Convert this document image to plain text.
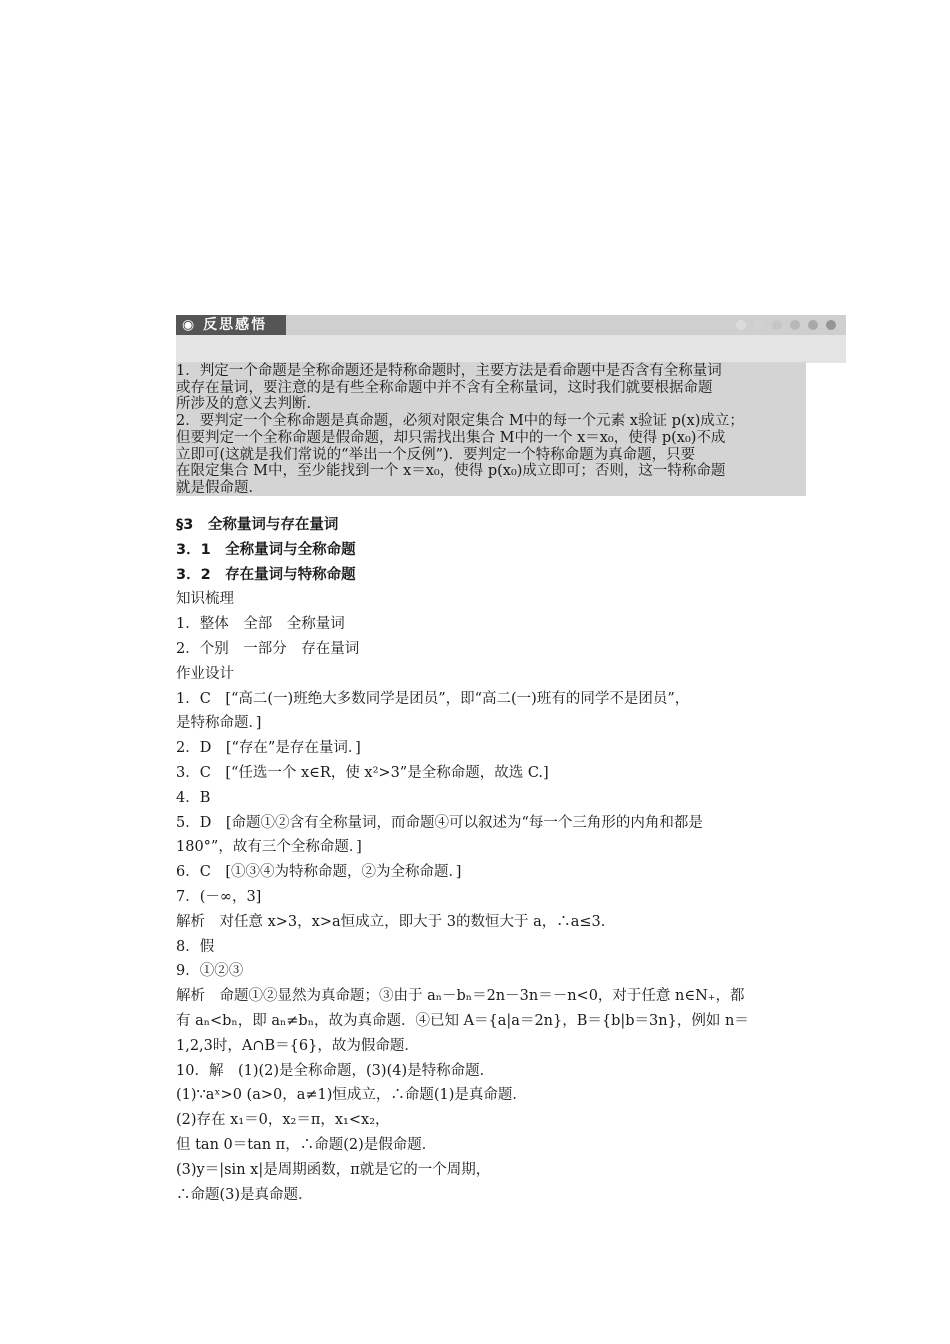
◉ 反思感悟

1．判定一个命题是全称命题还是特称命题时，主要方法是看命题中是否含有全称量词

或存在量词，要注意的是有些全称命题中并不含有全称量词，这时我们就要根据命题

所涉及的意义去判断．

2．要判定一个全称命题是真命题，必须对限定集合 M中的每一个元素 x验证 p(x)成立；

但要判定一个全称命题是假命题，却只需找出集合 M中的一个 x＝x₀，使得 p(x₀)不成

立即可(这就是我们常说的“举出一个反例”)．要判定一个特称命题为真命题，只要

在限定集合 M中，至少能找到一个 x＝x₀，使得 p(x₀)成立即可；否则，这一特称命题

就是假命题．

§3　全称量词与存在量词

3．1　全称量词与全称命题

3．2　存在量词与特称命题

知识梳理

1．整体　全部　全称量词

2．个别　一部分　存在量词

作业设计

1．C　[“高二(一)班绝大多数同学是团员”，即“高二(一)班有的同学不是团员”，

是特称命题．]

2．D　[“存在”是存在量词．]

3．C　[“任选一个 x∈R，使 x²>3”是全称命题，故选 C.]

4．B

5．D　[命题①②含有全称量词，而命题④可以叙述为“每一个三角形的内角和都是

180°”，故有三个全称命题．]

6．C　[①③④为特称命题，②为全称命题．]

7．(－∞，3]

解析　对任意 x>3，x>a恒成立，即大于 3的数恒大于 a，∴a≤3.

8．假

9．①②③

解析　命题①②显然为真命题；③由于 aₙ－bₙ＝2n－3n＝－n<0，对于任意 n∈N₊，都

有 aₙ<bₙ，即 aₙ≠bₙ，故为真命题．④已知 A＝{a|a＝2n}，B＝{b|b＝3n}，例如 n＝

1,2,3时，A∩B＝{6}，故为假命题．

10．解　(1)(2)是全称命题，(3)(4)是特称命题．

(1)∵aˣ>0 (a>0，a≠1)恒成立，∴命题(1)是真命题．

(2)存在 x₁＝0，x₂＝π，x₁<x₂，

但 tan 0＝tan π，∴命题(2)是假命题．

(3)y＝|sin x|是周期函数，π就是它的一个周期，

∴命题(3)是真命题．
